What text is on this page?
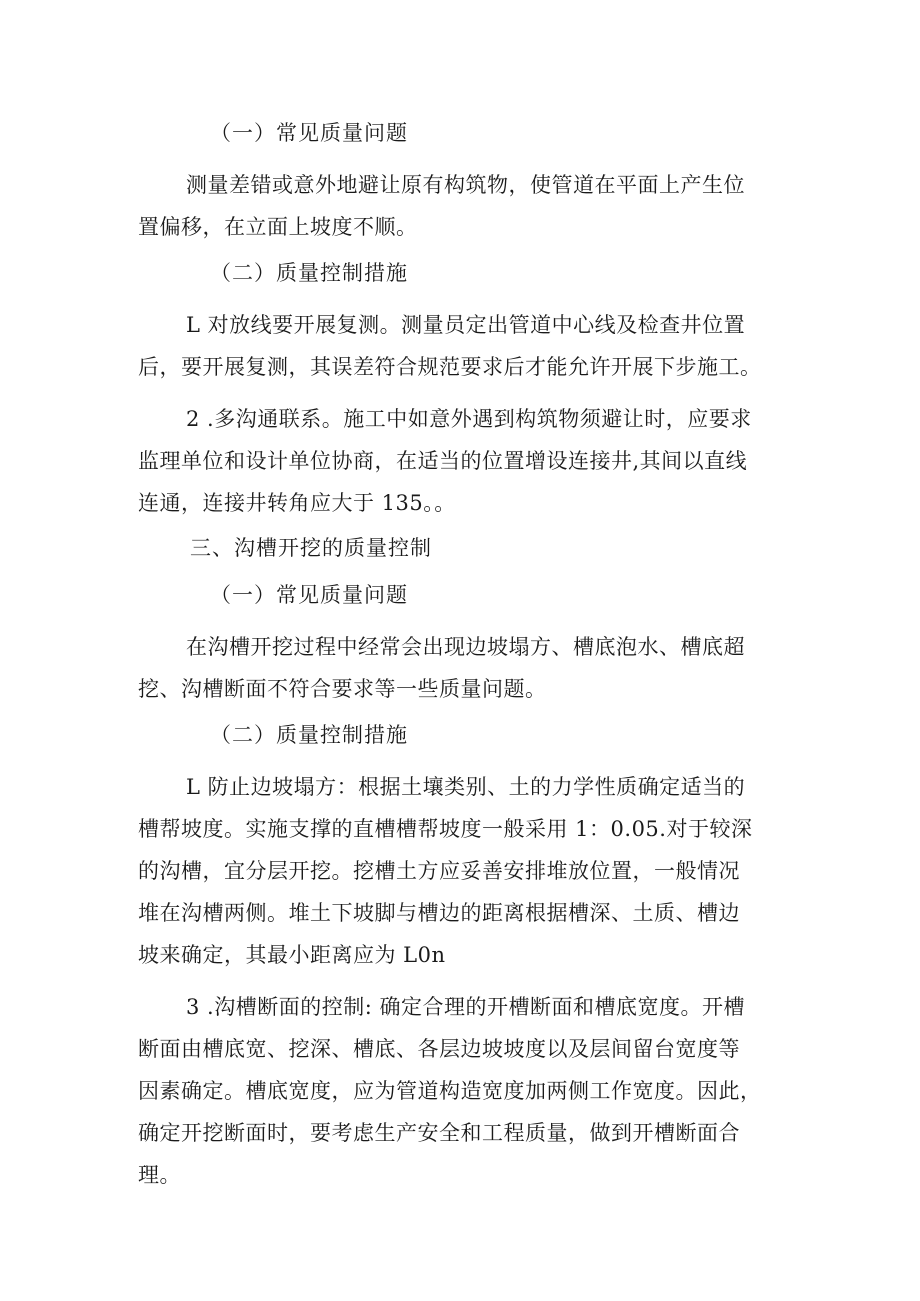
（一）常见质量问题
测量差错或意外地避让原有构筑物，使管道在平面上产生位
置偏移，在立面上坡度不顺。
（二）质量控制措施
L 对放线要开展复测。测量员定出管道中心线及检查井位置
后，要开展复测，其误差符合规范要求后才能允许开展下步施工。
2 .多沟通联系。施工中如意外遇到构筑物须避让时，应要求
监理单位和设计单位协商，在适当的位置增设连接井,其间以直线
连通，连接井转角应大于 135。。
三、沟槽开挖的质量控制
（一）常见质量问题
在沟槽开挖过程中经常会出现边坡塌方、槽底泡水、槽底超
挖、沟槽断面不符合要求等一些质量问题。
（二）质量控制措施
L 防止边坡塌方：根据土壤类别、土的力学性质确定适当的
槽帮坡度。实施支撑的直槽槽帮坡度一般采用 1：0.05.对于较深
的沟槽，宜分层开挖。挖槽土方应妥善安排堆放位置，一般情况
堆在沟槽两侧。堆土下坡脚与槽边的距离根据槽深、土质、槽边
坡来确定，其最小距离应为 L0n
3 .沟槽断面的控制: 确定合理的开槽断面和槽底宽度。开槽
断面由槽底宽、挖深、槽底、各层边坡坡度以及层间留台宽度等
因素确定。槽底宽度，应为管道构造宽度加两侧工作宽度。因此，
确定开挖断面时，要考虑生产安全和工程质量，做到开槽断面合
理。
